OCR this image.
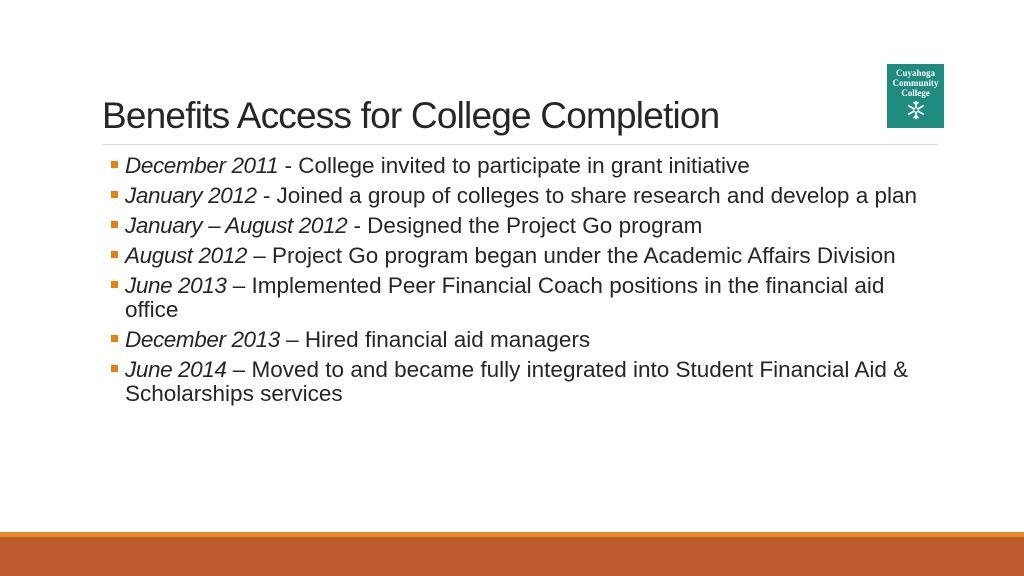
Benefits Access for College Completion
Cuyahoga
Community
College
December 2011 - College invited to participate in grant initiative
January 2012 - Joined a group of colleges to share research and develop a plan
January – August 2012 - Designed the Project Go program
August 2012 – Project Go program began under the Academic Affairs Division
June 2013 – Implemented Peer Financial Coach positions in the financial aid office
December 2013 – Hired financial aid managers
June 2014 – Moved to and became fully integrated into Student Financial Aid & Scholarships services
